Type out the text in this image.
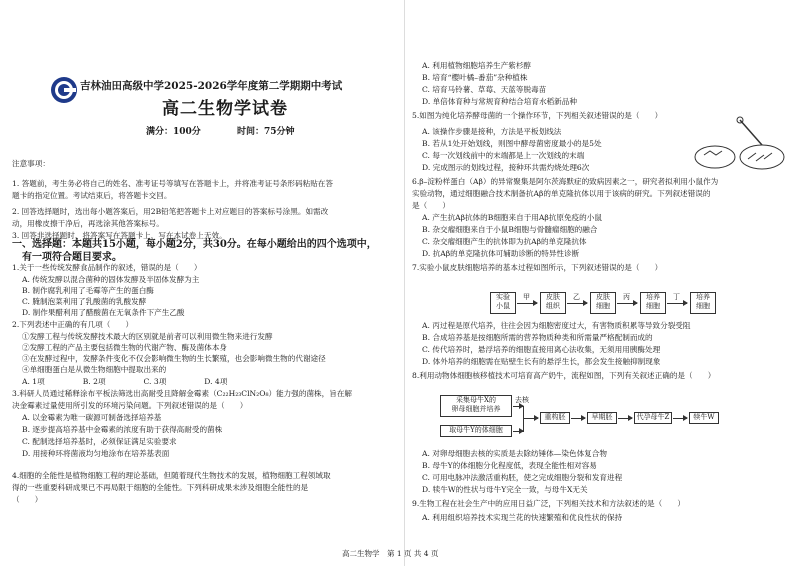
吉林油田高级中学2025-2026学年度第二学期期中考试
高二生物学试卷
满分：100分	时间：75分钟
注意事项：
1. 答题前，考生务必将自己的姓名、准考证号等填写在答题卡上，并将准考证号条形码粘贴在答
题卡的指定位置。考试结束后，将答题卡交回。
2. 回答选择题时，选出每小题答案后，用2B铅笔把答题卡上对应题目的答案标号涂黑。如需改
动，用橡皮擦干净后，再选涂其他答案标号。
3. 回答非选择题时，将答案写在答题卡上，写在本试卷上无效。
1.关于一些传统发酵食品制作的叙述，错误的是（　　）
A. 传统发酵以混合菌种的固体发酵及半固体发酵为主
B. 制作腐乳利用了毛霉等产生的蛋白酶
C. 腌制泡菜利用了乳酸菌的乳酸发酵
D. 制作果醋利用了醋酸菌在无氧条件下产生乙酸
2.下列表述中正确的有几项（　　）
①发酵工程与传统发酵技术最大的区别就是前者可以利用微生物来进行发酵
②发酵工程的产品主要包括微生物的代谢产物、酶及菌体本身
③在发酵过程中，发酵条件变化不仅会影响微生物的生长繁殖，也会影响微生物的代谢途径
④单细胞蛋白是从微生物细胞中提取出来的
A. 1项　　　　　B. 2项　　　　　C. 3项　　　　　D. 4项
3.科研人员通过稀释涂布平板法筛选出高耐受且降解金霉素（C₂₂H₂₃ClN₂O₈）能力强的菌株，旨在解
决金霉素过量使用所引发的环境污染问题。下列叙述错误的是（　　）
A. 以金霉素为唯一碳源可制备选择培养基
B. 逐步提高培养基中金霉素的浓度有助于获得高耐受的菌株
C. 配制选择培养基时，必须保证满足实验要求
D. 用接种环将菌液均匀地涂布在培养基表面
4.细胞的全能性是植物细胞工程的理论基础，但随着现代生物技术的发展，植物细胞工程领域取
得的一些重要科研成果已不再局限于细胞的全能性。下列科研成果未涉及细胞全能性的是
（　　）
一、选择题：本题共15小题，每小题2分，共30分。在每小题给出的四个选项中，
　有一项符合题目要求。
A. 利用植物细胞培养生产紫杉醇
B. 培育“樱叶橘–番茄”杂种植株
C. 培育马铃薯、草莓、天蓝等脱毒苗
D. 单倍体育种与常规育种结合培育水稻新品种
5.如图为纯化培养酵母菌的一个操作环节，下列相关叙述错误的是（　　）
A. 该操作步骤是接种，方法是平板划线法
B. 若从1处开始划线，则图中酵母菌密度最小的是5处
C. 每一次划线前中的末端都是上一次划线的末端
D. 完成图示的划线过程，接种环共需灼烧处理6次
6.β–淀粉样蛋白（Aβ）的异常聚集是阿尔茨海默症的致病因素之一，研究者拟利用小鼠作为
实验动物，通过细胞融合技术制备抗Aβ的单克隆抗体以用于该病的研究。下列叙述错误的
是（　　）
A. 产生抗Aβ抗体的B细胞来自于用Aβ抗原免疫的小鼠
B. 杂交瘤细胞来自于小鼠B细胞与骨髓瘤细胞的融合
C. 杂交瘤细胞产生的抗体即为抗Aβ的单克隆抗体
D. 抗Aβ的单克隆抗体可辅助诊断的特异性诊断
7.实验小鼠皮肤细胞培养的基本过程如图所示，下列叙述错误的是（　　）
A. 丙过程是原代培养，往往会因为细胞密度过大，有害物质积累等导致分裂受阻
B. 合成培养基是按细胞所需的营养物质种类和所需量严格配制而成的
C. 传代培养时，悬浮培养的细胞直接用离心法收集，无须用用胰酶处理
D. 体外培养的细胞需在贴壁生长有的悬浮生长，都会发生接触抑制现象
8.利用动物体细胞核移植技术可培育高产奶牛，流程如图，下列有关叙述正确的是（　　）
A. 对卵母细胞去核的实质是去除纺锤体—染色体复合物
B. 母牛Y的体细胞分化程度低，表现全能性相对容易
C. 可用电脉冲法激活重构胚，使之完成细胞分裂和发育进程
D. 犊牛W的性状与母牛Y完全一致，与母牛X无关
9.生物工程在社会生产中的应用日益广泛，下列相关技术和方法叙述的是（　　）
A. 利用组织培养技术实现兰花的快速繁殖和优良性状的保持
实验
小鼠
甲	皮肤
组织
乙	皮肤
细胞
丙	培养
细胞
丁	培养
细胞
采集母牛X的
卵母细胞并培养
去核
取母牛Y的体细胞
重构胚	早期胚	代孕母牛Z	犊牛W
高二生物学　第 1 页 共 4 页
